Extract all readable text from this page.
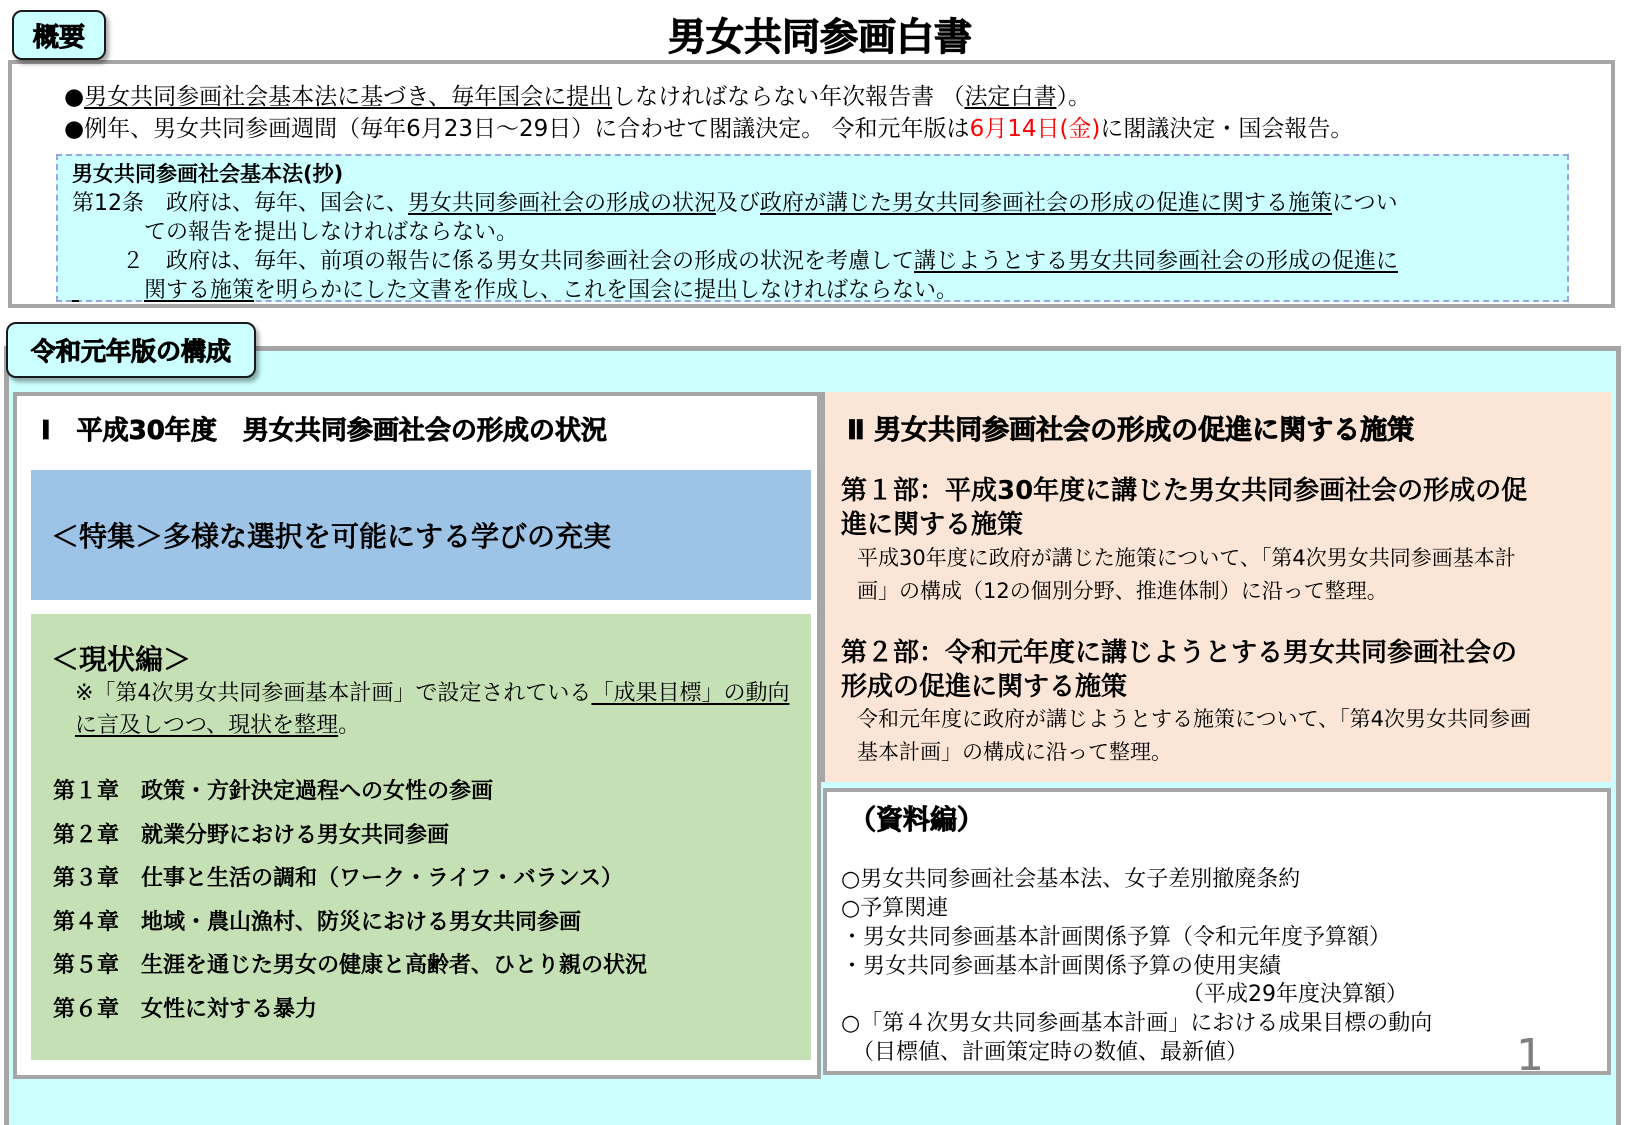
概要	男女共同参画白書
●男女共同参画社会基本法に基づき、毎年国会に提出しなければならない年次報告書 （法定白書）。
●例年、男女共同参画週間（毎年6月23日～29日）に合わせて閣議決定。 令和元年版は6月14日(金)に閣議決定・国会報告。
男女共同参画社会基本法(抄)
第12条　政府は、毎年、国会に、男女共同参画社会の形成の状況及び政府が講じた男女共同参画社会の形成の促進に関する施策につい
ての報告を提出しなければならない。
２　政府は、毎年、前項の報告に係る男女共同参画社会の形成の状況を考慮して講じようとする男女共同参画社会の形成の促進に
関する施策を明らかにした文書を作成し、これを国会に提出しなければならない。
令和元年版の構成
Ⅰ　平成30年度　男女共同参画社会の形成の状況
＜特集＞多様な選択を可能にする学びの充実
＜現状編＞
※「第4次男女共同参画基本計画」で設定されている「成果目標」の動向に言及しつつ、現状を整理。
第１章　政策・方針決定過程への女性の参画
第２章　就業分野における男女共同参画
第３章　仕事と生活の調和（ワーク・ライフ・バランス）
第４章　地域・農山漁村、防災における男女共同参画
第５章　生涯を通じた男女の健康と高齢者、ひとり親の状況
第６章　女性に対する暴力
Ⅱ 男女共同参画社会の形成の促進に関する施策
第１部：平成30年度に講じた男女共同参画社会の形成の促進に関する施策
平成30年度に政府が講じた施策について、「第4次男女共同参画基本計画」の構成（12の個別分野、推進体制）に沿って整理。
第２部：令和元年度に講じようとする男女共同参画社会の形成の促進に関する施策
令和元年度に政府が講じようとする施策について、「第4次男女共同参画基本計画」の構成に沿って整理。
（資料編）
○男女共同参画社会基本法、女子差別撤廃条約
○予算関連
・男女共同参画基本計画関係予算（令和元年度予算額）
・男女共同参画基本計画関係予算の使用実績
　　　　　　　　　　　　　　　　（平成29年度決算額）
○「第４次男女共同参画基本計画」における成果目標の動向
　（目標値、計画策定時の数値、最新値）	1
